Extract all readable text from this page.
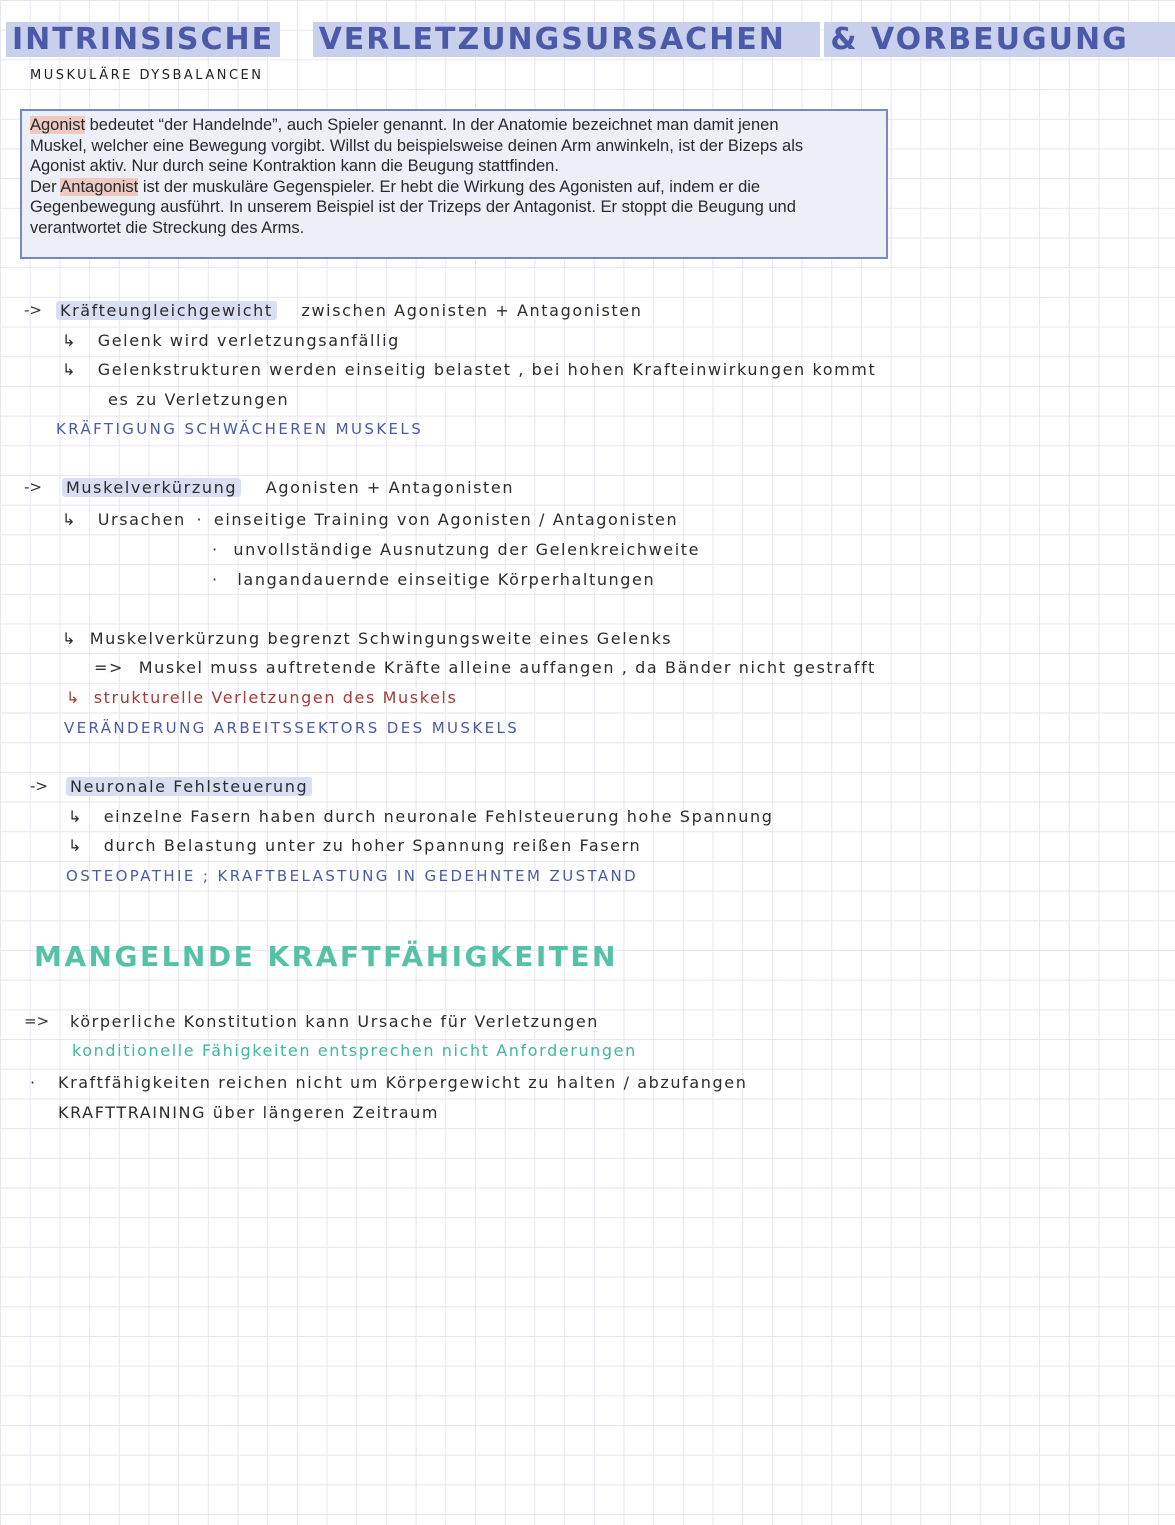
INTRINSISCHE VERLETZUNGSURSACHEN & VORBEUGUNG
MUSKULÄRE DYSBALANCEN

Agonist bedeutet “der Handelnde”, auch Spieler genannt. In der Anatomie bezeichnet man damit jenen

Muskel, welcher eine Bewegung vorgibt. Willst du beispielsweise deinen Arm anwinkeln, ist der Bizeps als

Agonist aktiv. Nur durch seine Kontraktion kann die Beugung stattfinden.

Der Antagonist ist der muskuläre Gegenspieler. Er hebt die Wirkung des Agonisten auf, indem er die

Gegenbewegung ausführt. In unserem Beispiel ist der Trizeps der Antagonist. Er stoppt die Beugung und

verantwortet die Streckung des Arms.

-> Kräfteungleichgewicht zwischen Agonisten + Antagonisten
↳ Gelenk wird verletzungsanfällig
↳ Gelenkstrukturen werden einseitig belastet , bei hohen Krafteinwirkungen kommt
es zu Verletzungen
KRÄFTIGUNG SCHWÄCHEREN MUSKELS
-> Muskelverkürzung Agonisten + Antagonisten
↳ Ursachen · einseitige Training von Agonisten / Antagonisten
· unvollständige Ausnutzung der Gelenkreichweite
· langandauernde einseitige Körperhaltungen
↳ Muskelverkürzung begrenzt Schwingungsweite eines Gelenks
=> Muskel muss auftretende Kräfte alleine auffangen , da Bänder nicht gestrafft
↳ strukturelle Verletzungen des Muskels
VERÄNDERUNG ARBEITSSEKTORS DES MUSKELS
-> Neuronale Fehlsteuerung
↳ einzelne Fasern haben durch neuronale Fehlsteuerung hohe Spannung
↳ durch Belastung unter zu hoher Spannung reißen Fasern
OSTEOPATHIE ; KRAFTBELASTUNG IN GEDEHNTEM ZUSTAND
MANGELNDE KRAFTFÄHIGKEITEN
=> körperliche Konstitution kann Ursache für Verletzungen
konditionelle Fähigkeiten entsprechen nicht Anforderungen
· Kraftfähigkeiten reichen nicht um Körpergewicht zu halten / abzufangen
KRAFTTRAINING über längeren Zeitraum
